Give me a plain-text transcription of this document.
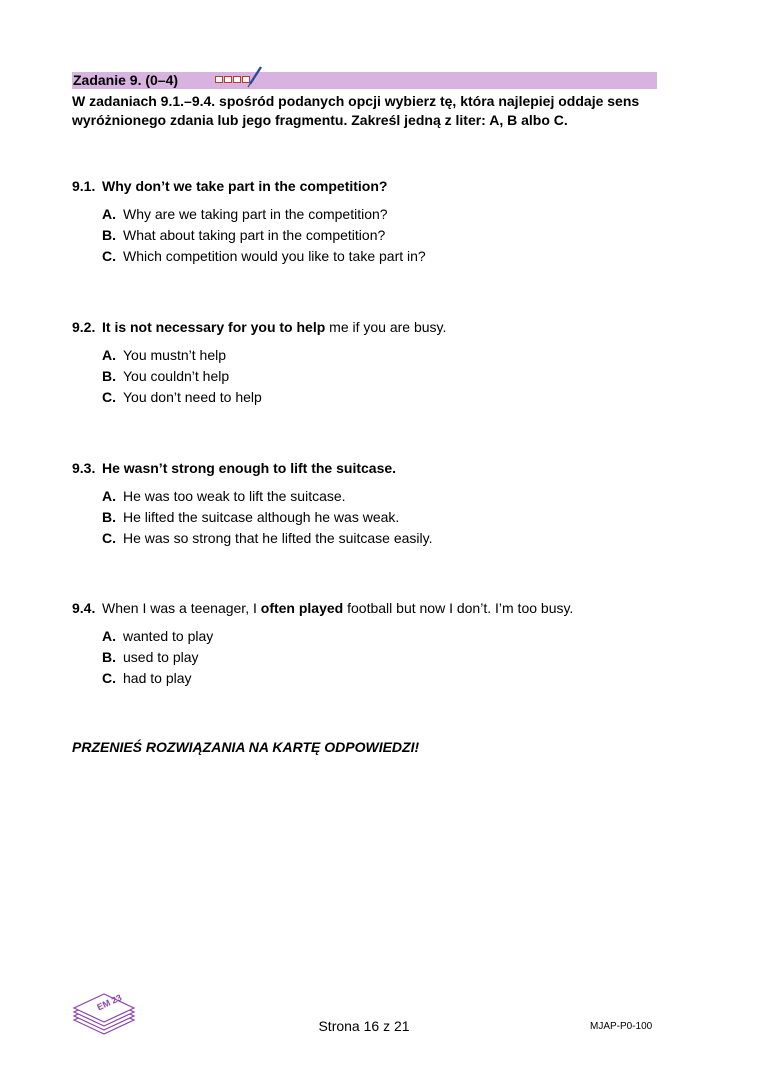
Zadanie 9. (0–4)
W zadaniach 9.1.–9.4. spośród podanych opcji wybierz tę, która najlepiej oddaje sens wyróżnionego zdania lub jego fragmentu. Zakreśl jedną z liter: A, B albo C.
9.1. Why don’t we take part in the competition?
A. Why are we taking part in the competition?
B. What about taking part in the competition?
C. Which competition would you like to take part in?
9.2. It is not necessary for you to help me if you are busy.
A. You mustn’t help
B. You couldn’t help
C. You don’t need to help
9.3. He wasn’t strong enough to lift the suitcase.
A. He was too weak to lift the suitcase.
B. He lifted the suitcase although he was weak.
C. He was so strong that he lifted the suitcase easily.
9.4. When I was a teenager, I often played football but now I don’t. I’m too busy.
A. wanted to play
B. used to play
C. had to play
PRZENIEŚ ROZWIĄZANIA NA KARTĘ ODPOWIEDZI!
EM 23
Strona 16 z 21	MJAP-P0-100
